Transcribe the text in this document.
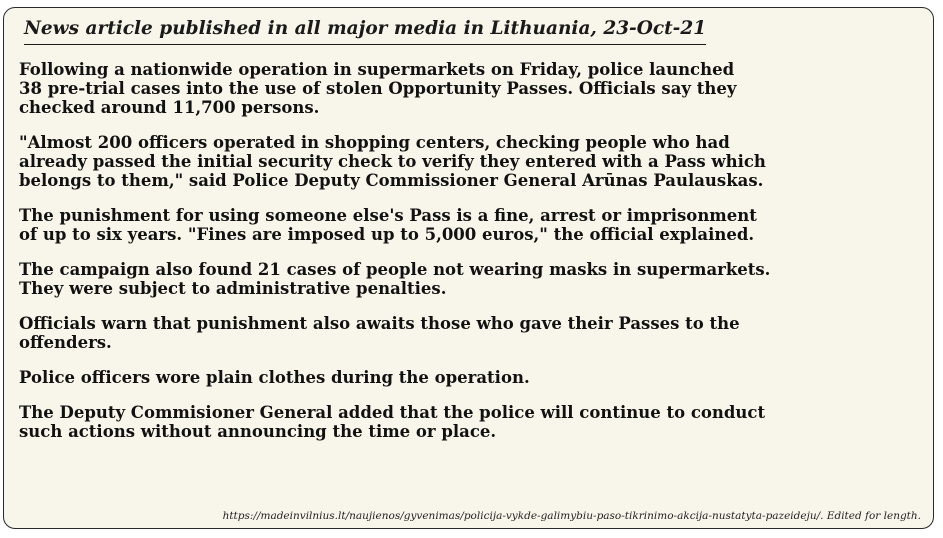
News article published in all major media in Lithuania, 23-Oct-21

Following a nationwide operation in supermarkets on Friday, police launched
38 pre-trial cases into the use of stolen Opportunity Passes. Officials say they
checked around 11,700 persons.

"Almost 200 officers operated in shopping centers, checking people who had
already passed the initial security check to verify they entered with a Pass which
belongs to them," said Police Deputy Commissioner General Arūnas Paulauskas.

The punishment for using someone else's Pass is a fine, arrest or imprisonment
of up to six years. "Fines are imposed up to 5,000 euros," the official explained.

The campaign also found 21 cases of people not wearing masks in supermarkets.
They were subject to administrative penalties.

Officials warn that punishment also awaits those who gave their Passes to the
offenders.

Police officers wore plain clothes during the operation.

The Deputy Commisioner General added that the police will continue to conduct
such actions without announcing the time or place.

https://madeinvilnius.lt/naujienos/gyvenimas/policija-vykde-galimybiu-paso-tikrinimo-akcija-nustatyta-pazeideju/. Edited for length.
